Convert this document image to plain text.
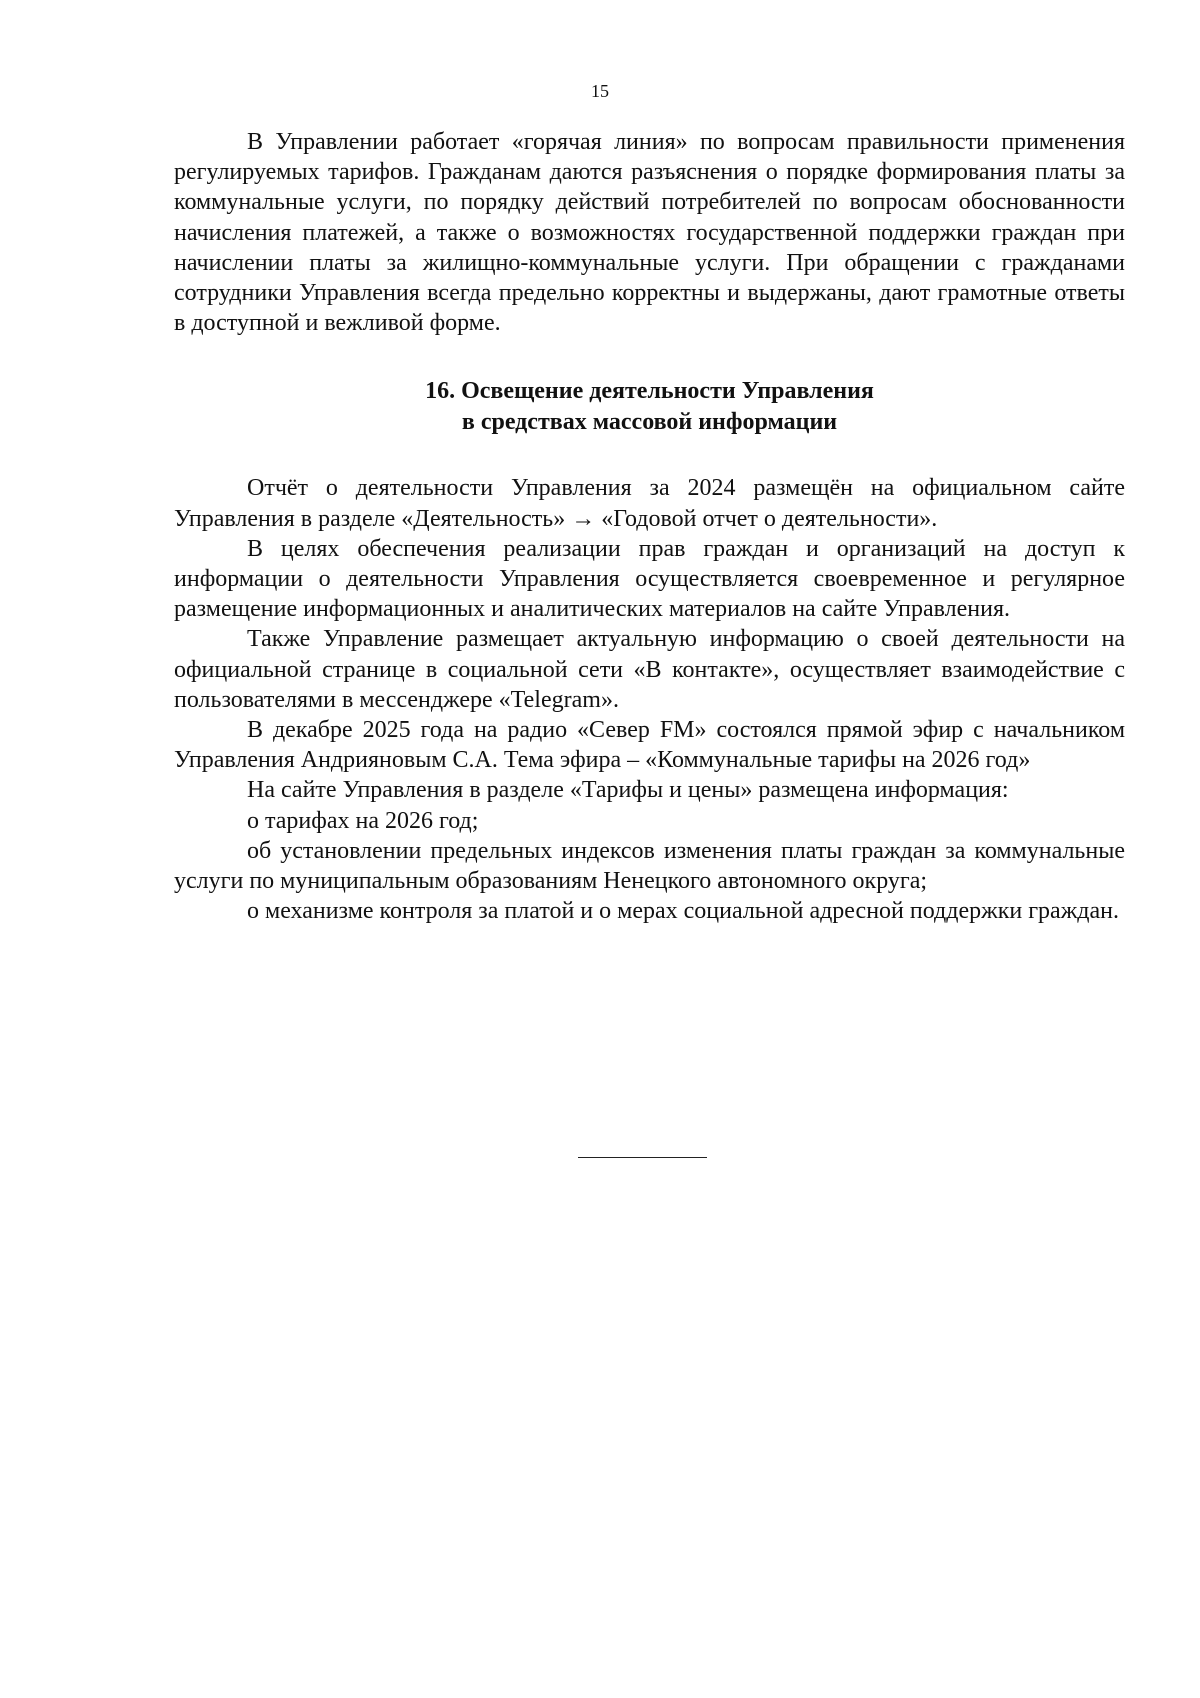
15

В Управлении работает «горячая линия» по вопросам правильности применения регулируемых тарифов. Гражданам даются разъяснения о порядке формирования платы за коммунальные услуги, по порядку действий потребителей по вопросам обоснованности начисления платежей, а также о возможностях государственной поддержки граждан при начислении платы за жилищно-коммунальные услуги. При обращении с гражданами сотрудники Управления всегда предельно корректны и выдержаны, дают грамотные ответы в доступной и вежливой форме.

16. Освещение деятельности Управления
в средствах массовой информации

Отчёт о деятельности Управления за 2024 размещён на официальном сайте Управления в разделе «Деятельность» → «Годовой отчет о деятельности».

В целях обеспечения реализации прав граждан и организаций на доступ к информации о деятельности Управления осуществляется своевременное и регулярное размещение информационных и аналитических материалов на сайте Управления.

Также Управление размещает актуальную информацию о своей деятельности на официальной странице в социальной сети «В контакте», осуществляет взаимодействие с пользователями в мессенджере «Telegram».

В декабре 2025 года на радио «Север FM» состоялся прямой эфир с начальником Управления Андрияновым С.А. Тема эфира – «Коммунальные тарифы на 2026 год»

На сайте Управления в разделе «Тарифы и цены» размещена информация:

о тарифах на 2026 год;

об установлении предельных индексов изменения платы граждан за коммунальные услуги по муниципальным образованиям Ненецкого автономного округа;

о механизме контроля за платой и о мерах социальной адресной поддержки граждан.
